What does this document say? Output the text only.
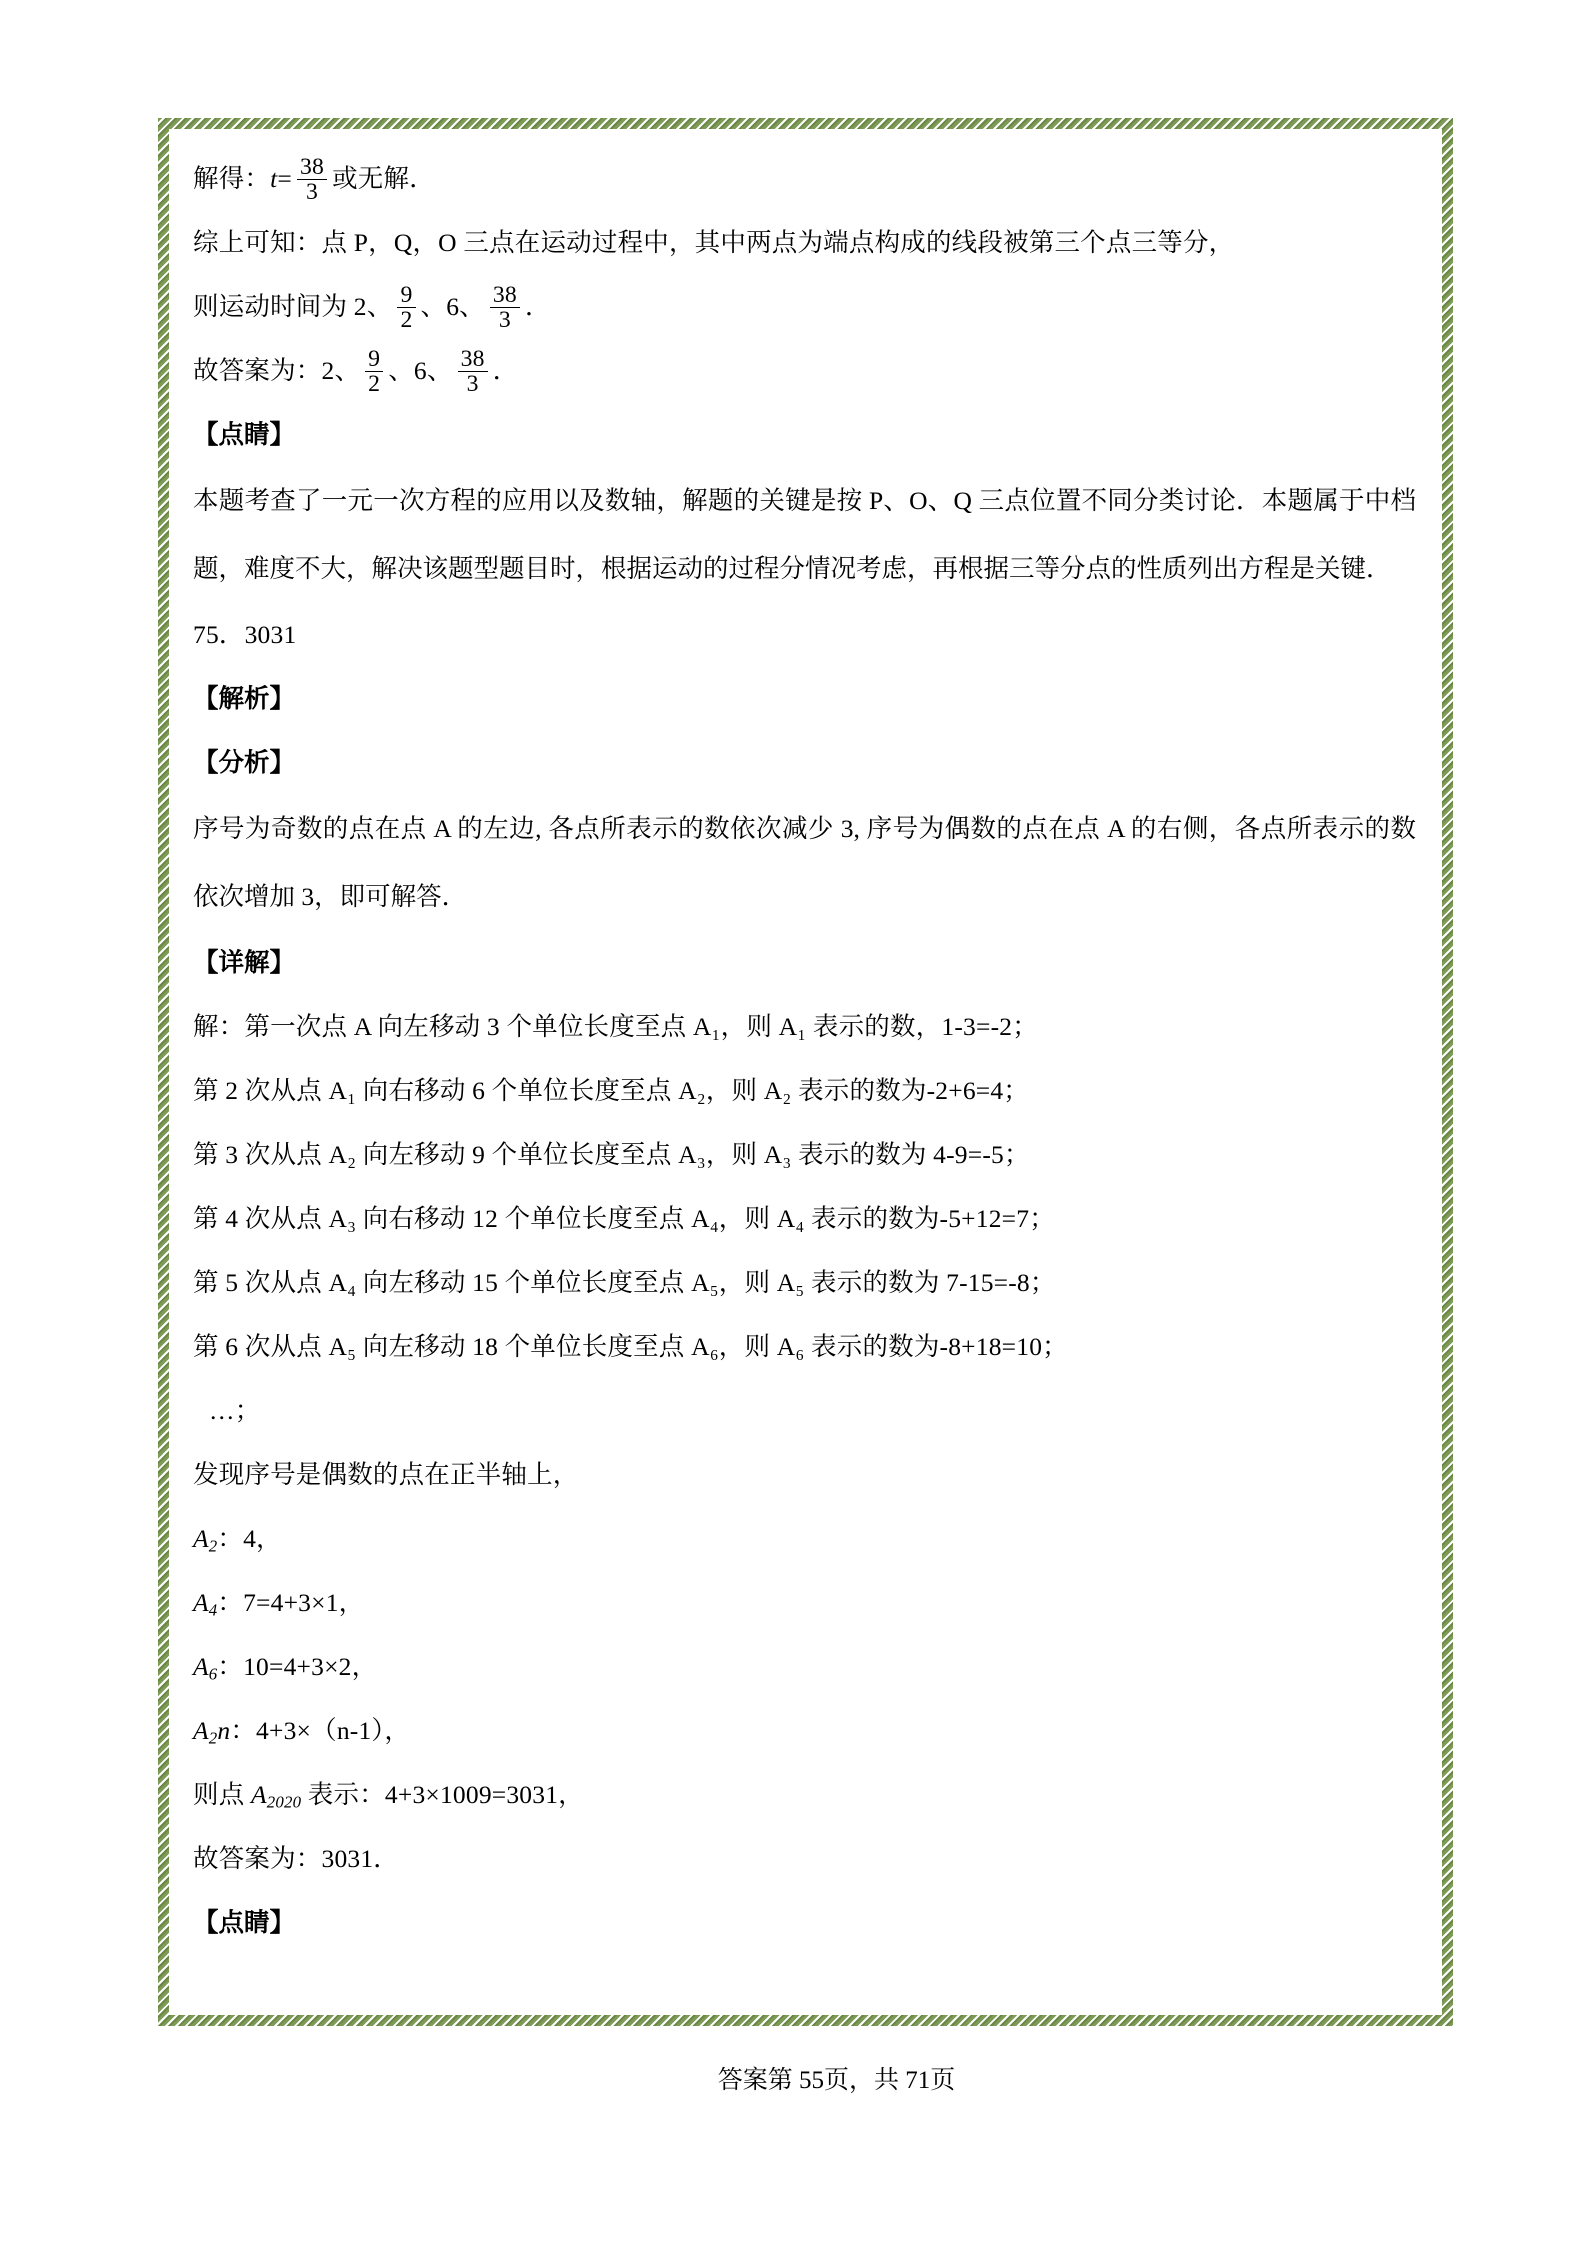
解得：$t= \frac{38}{3}$ 或无解．
综上可知：点 P，Q，O 三点在运动过程中，其中两点为端点构成的线段被第三个点三等分，
则运动时间为 2、 $\frac{9}{2}$ 、6、 $\frac{38}{3}$ ．
故答案为：2、 $\frac{9}{2}$ 、6、 $\frac{38}{3}$ ．
【点睛】
本题考查了一元一次方程的应用以及数轴，解题的关键是按 P、O、Q 三点位置不同分类讨论．本题属于中档题，难度不大，解决该题型题目时，根据运动的过程分情况考虑，再根据三等分点的性质列出方程是关键．
75．3031
【解析】
【分析】
序号为奇数的点在点 A 的左边, 各点所表示的数依次减少 3, 序号为偶数的点在点 A 的右侧，各点所表示的数依次增加 3，即可解答．
【详解】
解：第一次点 A 向左移动 3 个单位长度至点 A₁，则 A₁ 表示的数，1-3=-2；
第 2 次从点 A₁ 向右移动 6 个单位长度至点 A₂，则 A₂ 表示的数为-2+6=4；
第 3 次从点 A₂ 向左移动 9 个单位长度至点 A₃，则 A₃ 表示的数为 4-9=-5；
第 4 次从点 A₃ 向右移动 12 个单位长度至点 A₄，则 A₄ 表示的数为-5+12=7；
第 5 次从点 A₄ 向左移动 15 个单位长度至点 A₅，则 A₅ 表示的数为 7-15=-8；
第 6 次从点 A₅ 向左移动 18 个单位长度至点 A₆，则 A₆ 表示的数为-8+18=10；
…；
发现序号是偶数的点在正半轴上，
$A_2$：4，
$A_4$：7=4+3×1，
$A_6$：10=4+3×2，
$A_2n$：4+3×（n-1），
则点 $A_{2020}$ 表示：4+3×1009=3031，
故答案为：3031．
【点睛】
答案第 55页，共 71页
